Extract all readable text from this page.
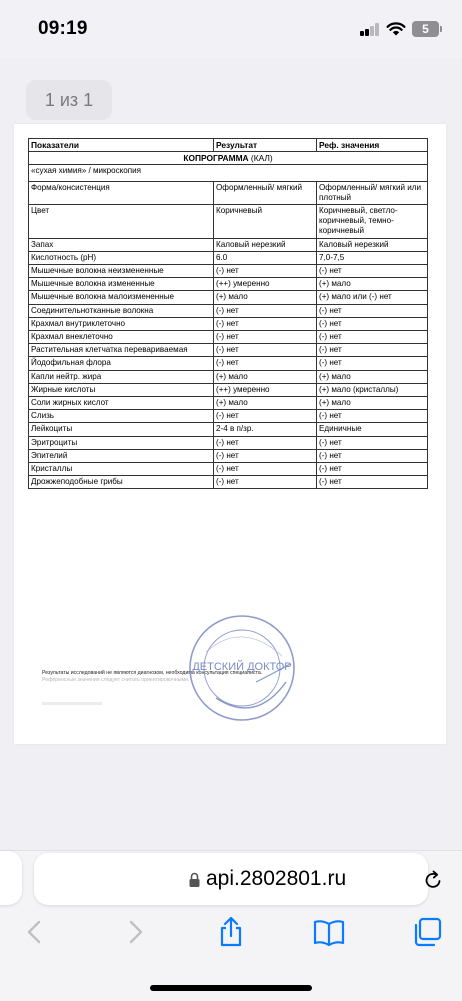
09:19	5
1 из 1
Показатели	Результат	Реф. значения
КОПРОГРАММА (КАЛ)		
«сухая химия» / микроскопия		
Форма/консистенция	Оформленный/ мягкий	Оформленный/ мягкий или плотный
Цвет	Коричневый	Коричневый, светло-коричневый, темно-коричневый
Запах	Каловый нерезкий	Каловый нерезкий
Кислотность (pH)	6.0	7,0-7,5
Мышечные волокна неизмененные	(-) нет	(-) нет
Мышечные волокна измененные	(++) умеренно	(+) мало
Мышечные волокна малоизмененные	(+) мало	(+) мало или (-) нет
Соединительнотканные волокна	(-) нет	(-) нет
Крахмал внутриклеточно	(-) нет	(-) нет
Крахмал внеклеточно	(-) нет	(-) нет
Растительная клетчатка переваpиваемая	(-) нет	(-) нет
Йодофильная флора	(-) нет	(-) нет
Капли нейтр. жира	(+) мало	(+) мало
Жирные кислоты	(++) умеренно	(+) мало (кристаллы)
Соли жирных кислот	(+) мало	(+) мало
Слизь	(-) нет	(-) нет
Лейкоциты	2-4 в п/зр.	Единичные
Эритроциты	(-) нет	(-) нет
Эпителий	(-) нет	(-) нет
Кристаллы	(-) нет	(-) нет
Дрожжеподобные грибы	(-) нет	(-) нет
Результаты исследований не являются диагнозом, необходима консультация специалиста.
Референсные значения следует считать ориентировочными.
ДЕТСКИЙ ДОКТОР
api.2802801.ru
